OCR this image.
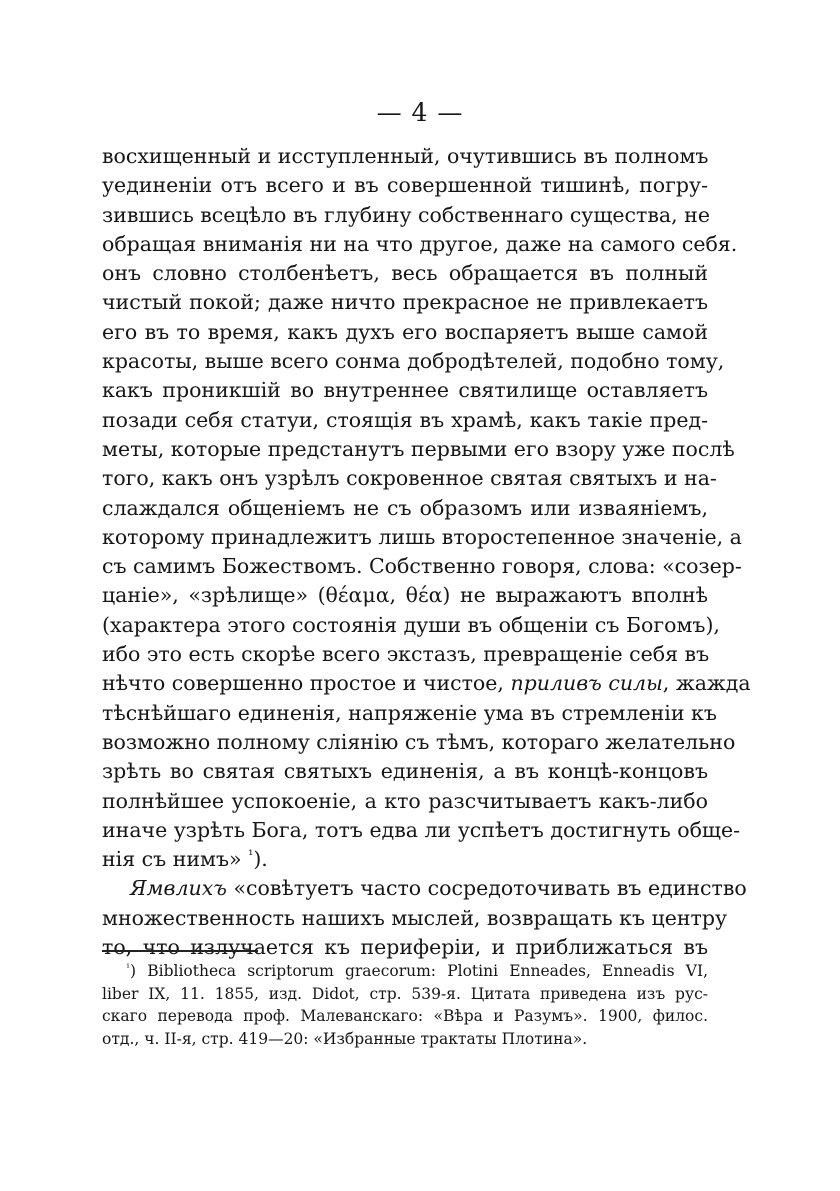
— 4 —
восхищенный и исступленный, очутившись въ полномъ
уединеніи отъ всего и въ совершенной тишинѣ, погру-
зившись всецѣло въ глубину собственнаго существа, не
обращая вниманія ни на что другое, даже на самого себя.
онъ словно столбенѣетъ, весь обращается въ полный
чистый покой; даже ничто прекрасное не привлекаетъ
его въ то время, какъ духъ его воспаряетъ выше самой
красоты, выше всего сонма добродѣтелей, подобно тому,
какъ проникшій во внутреннее святилище оставляетъ
позади себя статуи, стоящія въ храмѣ, какъ такіе пред-
меты, которые предстанутъ первыми его взору уже послѣ
того, какъ онъ узрѣлъ сокровенное святая святыхъ и на-
слаждался общеніемъ не съ образомъ или изваяніемъ,
которому принадлежитъ лишь второстепенное значеніе, а
съ самимъ Божествомъ. Собственно говоря, слова: «созер-
цаніе», «зрѣлище» (θέαμα, θέα) не выражаютъ вполнѣ
(характера этого состоянія души въ общеніи съ Богомъ),
ибо это есть скорѣе всего экстазъ, превращеніе себя въ
нѣчто совершенно простое и чистое, приливъ силы, жажда
тѣснѣйшаго единенія, напряженіе ума въ стремленіи къ
возможно полному сліянію съ тѣмъ, котораго желательно
зрѣть во святая святыхъ единенія, а въ концѣ-концовъ
полнѣйшее успокоеніе, а кто разсчитываетъ какъ-либо
иначе узрѣть Бога, тотъ едва ли успѣетъ достигнуть обще-
нія съ нимъ» $^{^1}$).
Ямвлихъ «совѣтуетъ часто сосредоточивать въ единство
множественность нашихъ мыслей, возвращать къ центру
то, что излучается къ периферіи, и приближаться въ
$^{^1}$) Bibliotheca scriptorum graecorum: Plotini Enneades, Enneadis VI,
liber IX, 11. 1855, изд. Didot, стр. 539-я. Цитата приведена изъ рус-
скаго перевода проф. Малеванскаго: «Вѣра и Разумъ». 1900, филос.
отд., ч. II-я, стр. 419—20: «Избранные трактаты Плотина».
